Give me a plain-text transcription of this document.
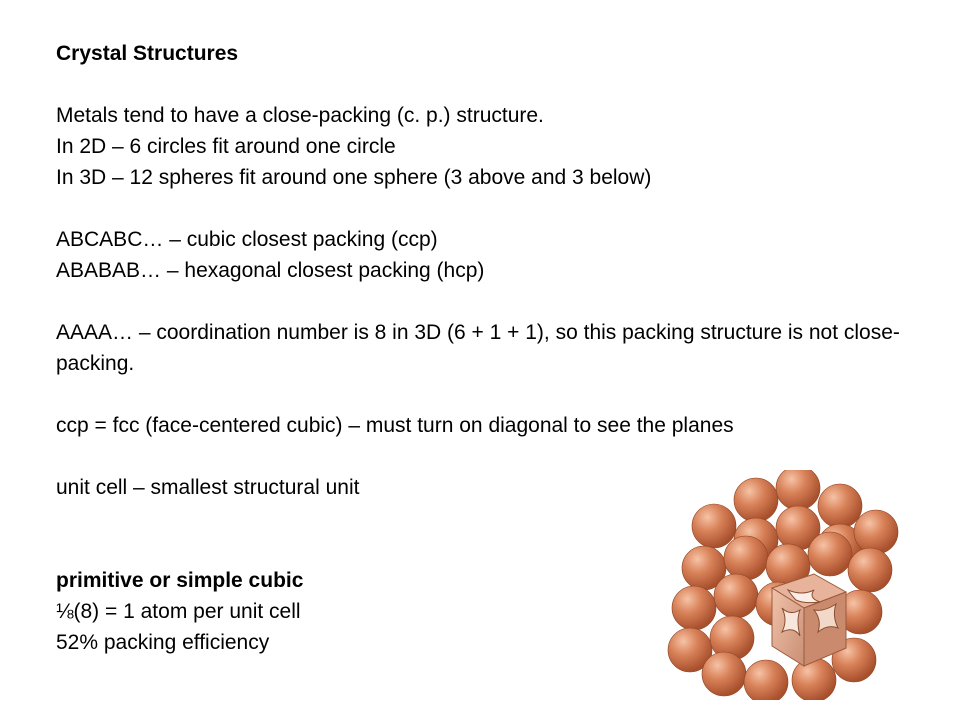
Crystal Structures
Metals tend to have a close-packing (c. p.) structure.
In 2D – 6 circles fit around one circle
In 3D – 12 spheres fit around one sphere (3 above and 3 below)
ABCABC… – cubic closest packing (ccp)
ABABAB… – hexagonal closest packing (hcp)
AAAA… – coordination number is 8 in 3D (6 + 1 + 1), so this packing structure is not close-packing.
ccp = fcc (face-centered cubic) – must turn on diagonal to see the planes
unit cell – smallest structural unit
primitive or simple cubic
⅛(8) = 1 atom per unit cell
52% packing efficiency
